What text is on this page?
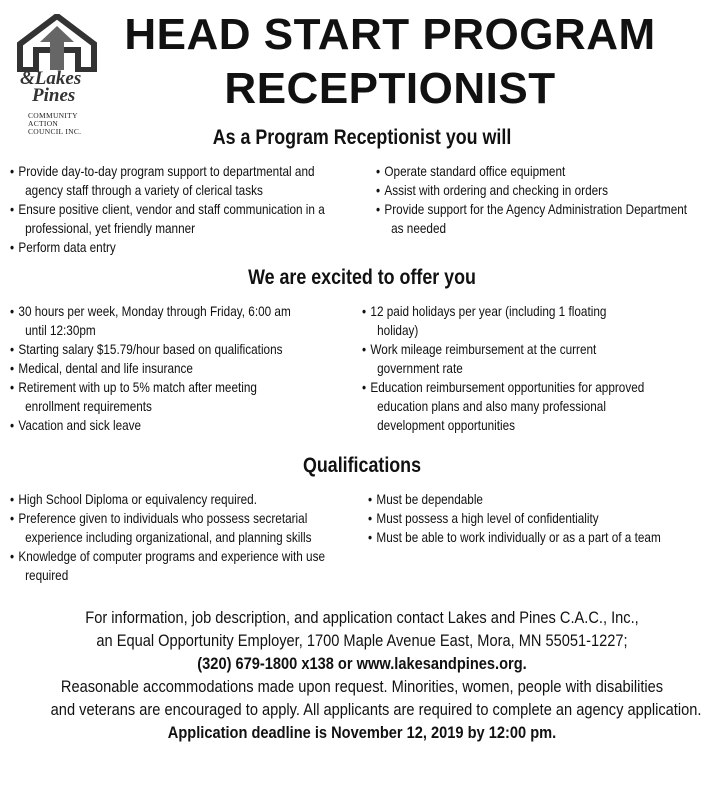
&Lakes
Pines
COMMUNITY
ACTION
COUNCIL INC.
HEAD START PROGRAM
RECEPTIONIST
As a Program Receptionist you will
• Provide day-to-day program support to departmental and
agency staff through a variety of clerical tasks
• Ensure positive client, vendor and staff communication in a
professional, yet friendly manner
• Perform data entry
• Operate standard office equipment
• Assist with ordering and checking in orders
• Provide support for the Agency Administration Department
as needed
We are excited to offer you
• 30 hours per week, Monday through Friday, 6:00 am
until 12:30pm
• Starting salary $15.79/hour based on qualifications
• Medical, dental and life insurance
• Retirement with up to 5% match after meeting
enrollment requirements
• Vacation and sick leave
• 12 paid holidays per year (including 1 floating
holiday)
• Work mileage reimbursement at the current
government rate
• Education reimbursement opportunities for approved
education plans and also many professional
development opportunities
Qualifications
• High School Diploma or equivalency required.
• Preference given to individuals who possess secretarial
experience including organizational, and planning skills
• Knowledge of computer programs and experience with use
required
• Must be dependable
• Must possess a high level of confidentiality
• Must be able to work individually or as a part of a team
For information, job description, and application contact Lakes and Pines C.A.C., Inc.,
an Equal Opportunity Employer, 1700 Maple Avenue East, Mora, MN 55051-1227;
(320) 679-1800 x138 or www.lakesandpines.org.
Reasonable accommodations made upon request. Minorities, women, people with disabilities
and veterans are encouraged to apply. All applicants are required to complete an agency application.
Application deadline is November 12, 2019 by 12:00 pm.
